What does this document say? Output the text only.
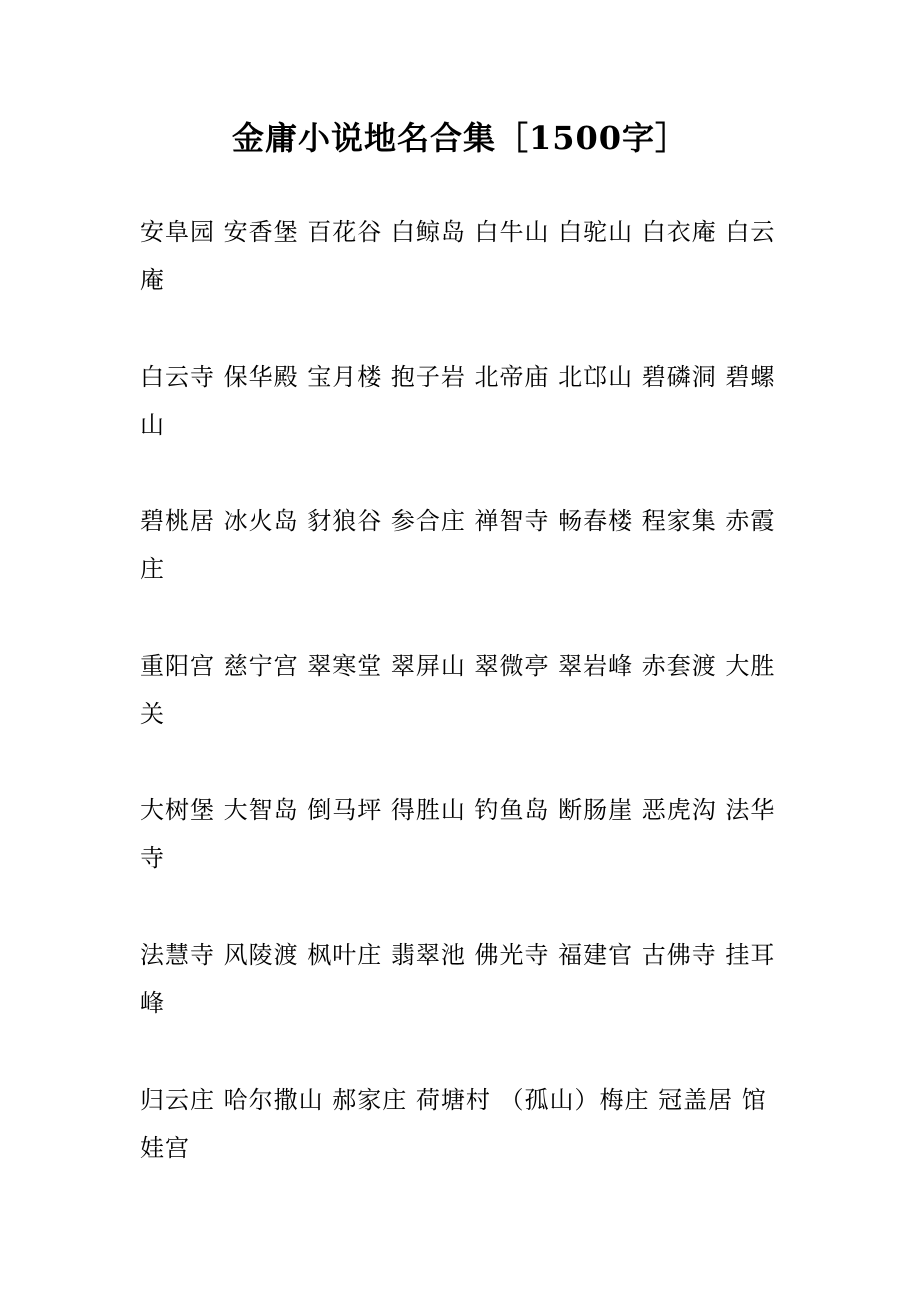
金庸小说地名合集［1500字］
安阜园 安香堡 百花谷 白鲸岛 白牛山 白驼山 白衣庵 白云庵
白云寺 保华殿 宝月楼 抱子岩 北帝庙 北邙山 碧磷洞 碧螺山
碧桃居 冰火岛 豺狼谷 参合庄 禅智寺 畅春楼 程家集 赤霞庄
重阳宫 慈宁宫 翠寒堂 翠屏山 翠微亭 翠岩峰 赤套渡 大胜关
大树堡 大智岛 倒马坪 得胜山 钓鱼岛 断肠崖 恶虎沟 法华寺
法慧寺 风陵渡 枫叶庄 翡翠池 佛光寺 福建官 古佛寺 挂耳峰
归云庄 哈尔撒山 郝家庄 荷塘村 （孤山）梅庄 冠盖居 馆娃宫
